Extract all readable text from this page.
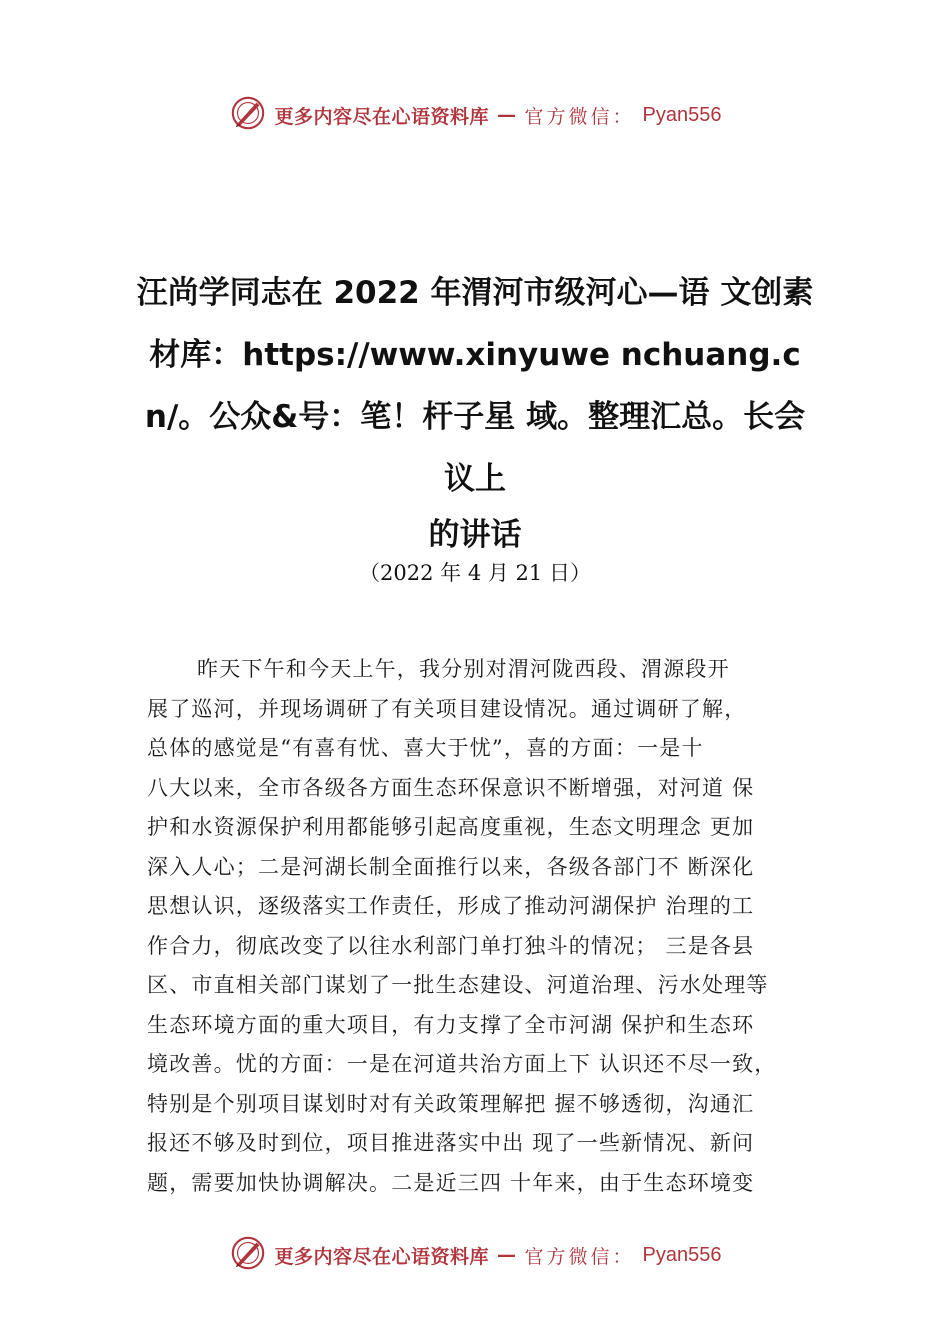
更多内容尽在心语资料库 — 官方微信： Pyan556
汪尚学同志在 2022 年渭河市级河心—语 文创素材库：https://www.xinyuwe nchuang.cn/。公众&号：笔！杆子星 域。整理汇总。长会议上
的讲话
（2022 年 4 月 21 日）
昨天下午和今天上午，我分别对渭河陇西段、渭源段开
展了巡河，并现场调研了有关项目建设情况。通过调研了解，
总体的感觉是“有喜有忧、喜大于忧”，喜的方面：一是十
八大以来，全市各级各方面生态环保意识不断增强，对河道 保
护和水资源保护利用都能够引起高度重视，生态文明理念 更加
深入人心；二是河湖长制全面推行以来，各级各部门不 断深化
思想认识，逐级落实工作责任，形成了推动河湖保护 治理的工
作合力，彻底改变了以往水利部门单打独斗的情况； 三是各县
区、市直相关部门谋划了一批生态建设、河道治理、污水处理等
生态环境方面的重大项目，有力支撑了全市河湖 保护和生态环
境改善。忧的方面：一是在河道共治方面上下 认识还不尽一致，
特别是个别项目谋划时对有关政策理解把 握不够透彻，沟通汇
报还不够及时到位，项目推进落实中出 现了一些新情况、新问
题，需要加快协调解决。二是近三四 十年来，由于生态环境变
更多内容尽在心语资料库 — 官方微信： Pyan556
